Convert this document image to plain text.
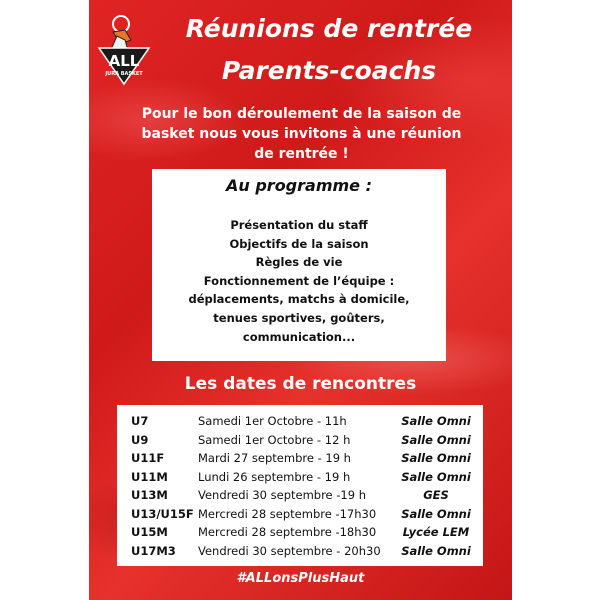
ALL
JURA BASKET
Réunions de rentrée
Parents-coachs
Pour le bon déroulement de la saison de
basket nous vous invitons à une réunion
de rentrée !
Au programme :
Présentation du staff
Objectifs de la saison
Règles de vie
Fonctionnement de l’équipe :
déplacements, matchs à domicile,
tenues sportives, goûters,
communication...
Les dates de rencontres
U7	Samedi 1er Octobre - 11h	Salle Omni
U9	Samedi 1er Octobre - 12 h	Salle Omni
U11F	Mardi 27 septembre - 19 h	Salle Omni
U11M	Lundi 26 septembre - 19 h	Salle Omni
U13M	Vendredi 30 septembre -19 h	GES
U13/U15F Mercredi 28 septembre -17h30	Salle Omni
U15M	Mercredi 28 septembre -18h30	Lycée LEM
U17M3 Vendredi 30 septembre - 20h30	Salle Omni
#ALLonsPlusHaut
